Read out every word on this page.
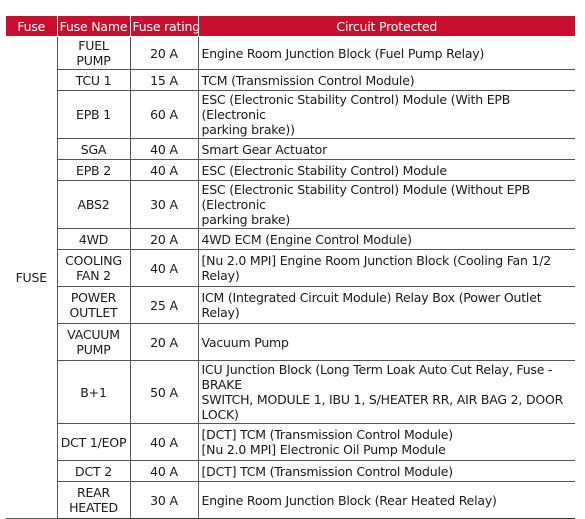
Fuse	Fuse Name	Fuse rating	Circuit Protected
FUSE	FUEL PUMP	20 A	Engine Room Junction Block (Fuel Pump Relay)

	TCU 1	15 A	TCM (Transmission Control Module)

	EPB 1	60 A	ESC (Electronic Stability Control) Module (With EPB (Electronic
parking brake))

	SGA	40 A	Smart Gear Actuator

	EPB 2	40 A	ESC (Electronic Stability Control) Module

	ABS2	30 A	ESC (Electronic Stability Control) Module (Without EPB (Electronic
parking brake)

	4WD	20 A	4WD ECM (Engine Control Module)

	COOLING
FAN 2	40 A	[Nu 2.0 MPI] Engine Room Junction Block (Cooling Fan 1/2 Relay)

	POWER
OUTLET	25 A	ICM (Integrated Circuit Module) Relay Box (Power Outlet Relay)

	VACUUM
PUMP	20 A	Vacuum Pump

	B+1	50 A	ICU Junction Block (Long Term Loak Auto Cut Relay, Fuse - BRAKE
SWITCH, MODULE 1, IBU 1, S/HEATER RR, AIR BAG 2, DOOR LOCK)

	DCT 1/EOP	40 A	[DCT] TCM (Transmission Control Module)
[Nu 2.0 MPI] Electronic Oil Pump Module

	DCT 2	40 A	[DCT] TCM (Transmission Control Module)

	REAR
HEATED	30 A	Engine Room Junction Block (Rear Heated Relay)
